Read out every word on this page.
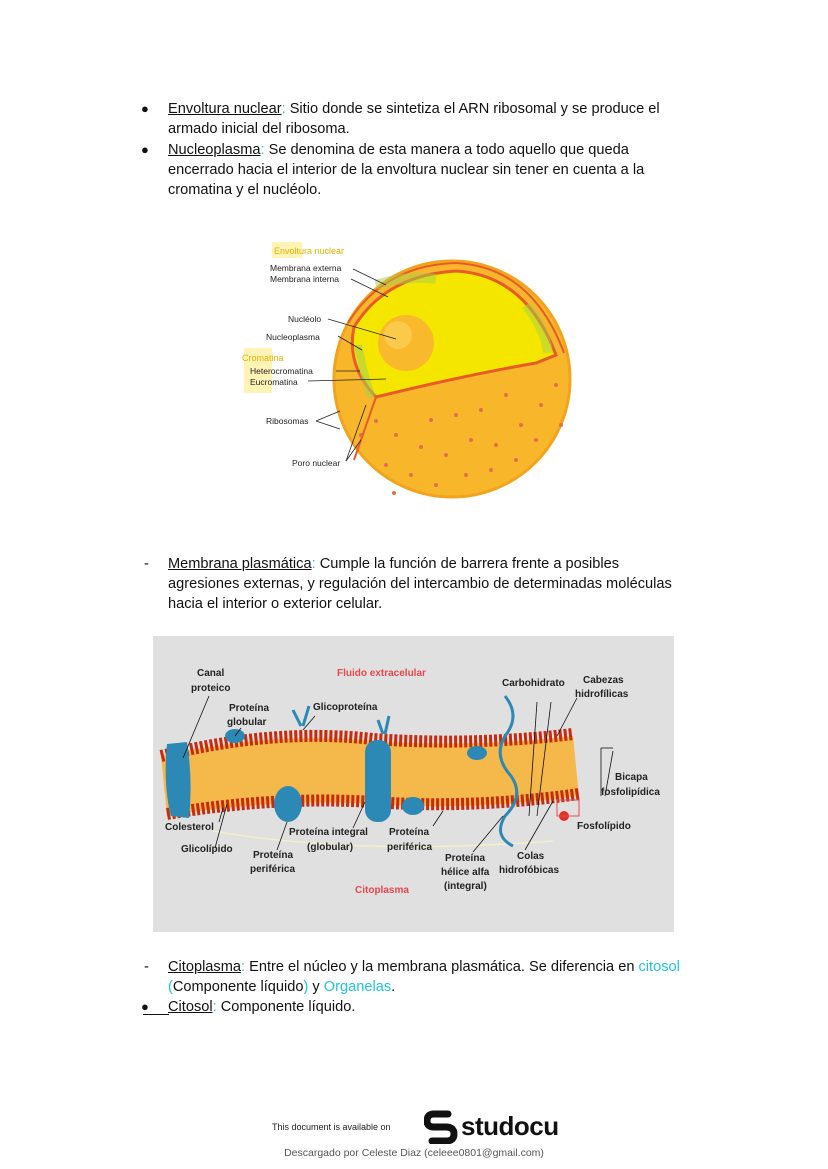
● Envoltura nuclear: Sitio donde se sintetiza el ARN ribosomal y se produce el
armado inicial del ribosoma.
● Nucleoplasma: Se denomina de esta manera a todo aquello que queda
encerrado hacia el interior de la envoltura nuclear sin tener en cuenta a la
cromatina y el nucléolo.
Envoltura nuclear
Membrana externa
Membrana interna
Nucléolo
Nucleoplasma
Cromatina
Heterocromatina
Eucromatina
Ribosomas
Poro nuclear
- Membrana plasmática: Cumple la función de barrera frente a posibles
agresiones externas, y regulación del intercambio de determinadas moléculas
hacia el interior o exterior celular.
Canal
proteico
Fluido extracelular
Carbohidrato Cabezas
hidrofílicas
Proteína
globular
Glicoproteína
Bicapa
fosfolipídica
Colesterol	Fosfolípido
Proteína integral
(globular)
Proteína
periférica
Glicolípido
Proteína
periférica
Proteína
hélice alfa
(integral)
Colas
hidrofóbicas
Citoplasma
- Citoplasma: Entre el núcleo y la membrana plasmática. Se diferencia en citosol
(Componente líquido) y Organelas.
● Citosol: Componente líquido.
This document is available on	studocu
Descargado por Celeste Diaz (celeee0801@gmail.com)
